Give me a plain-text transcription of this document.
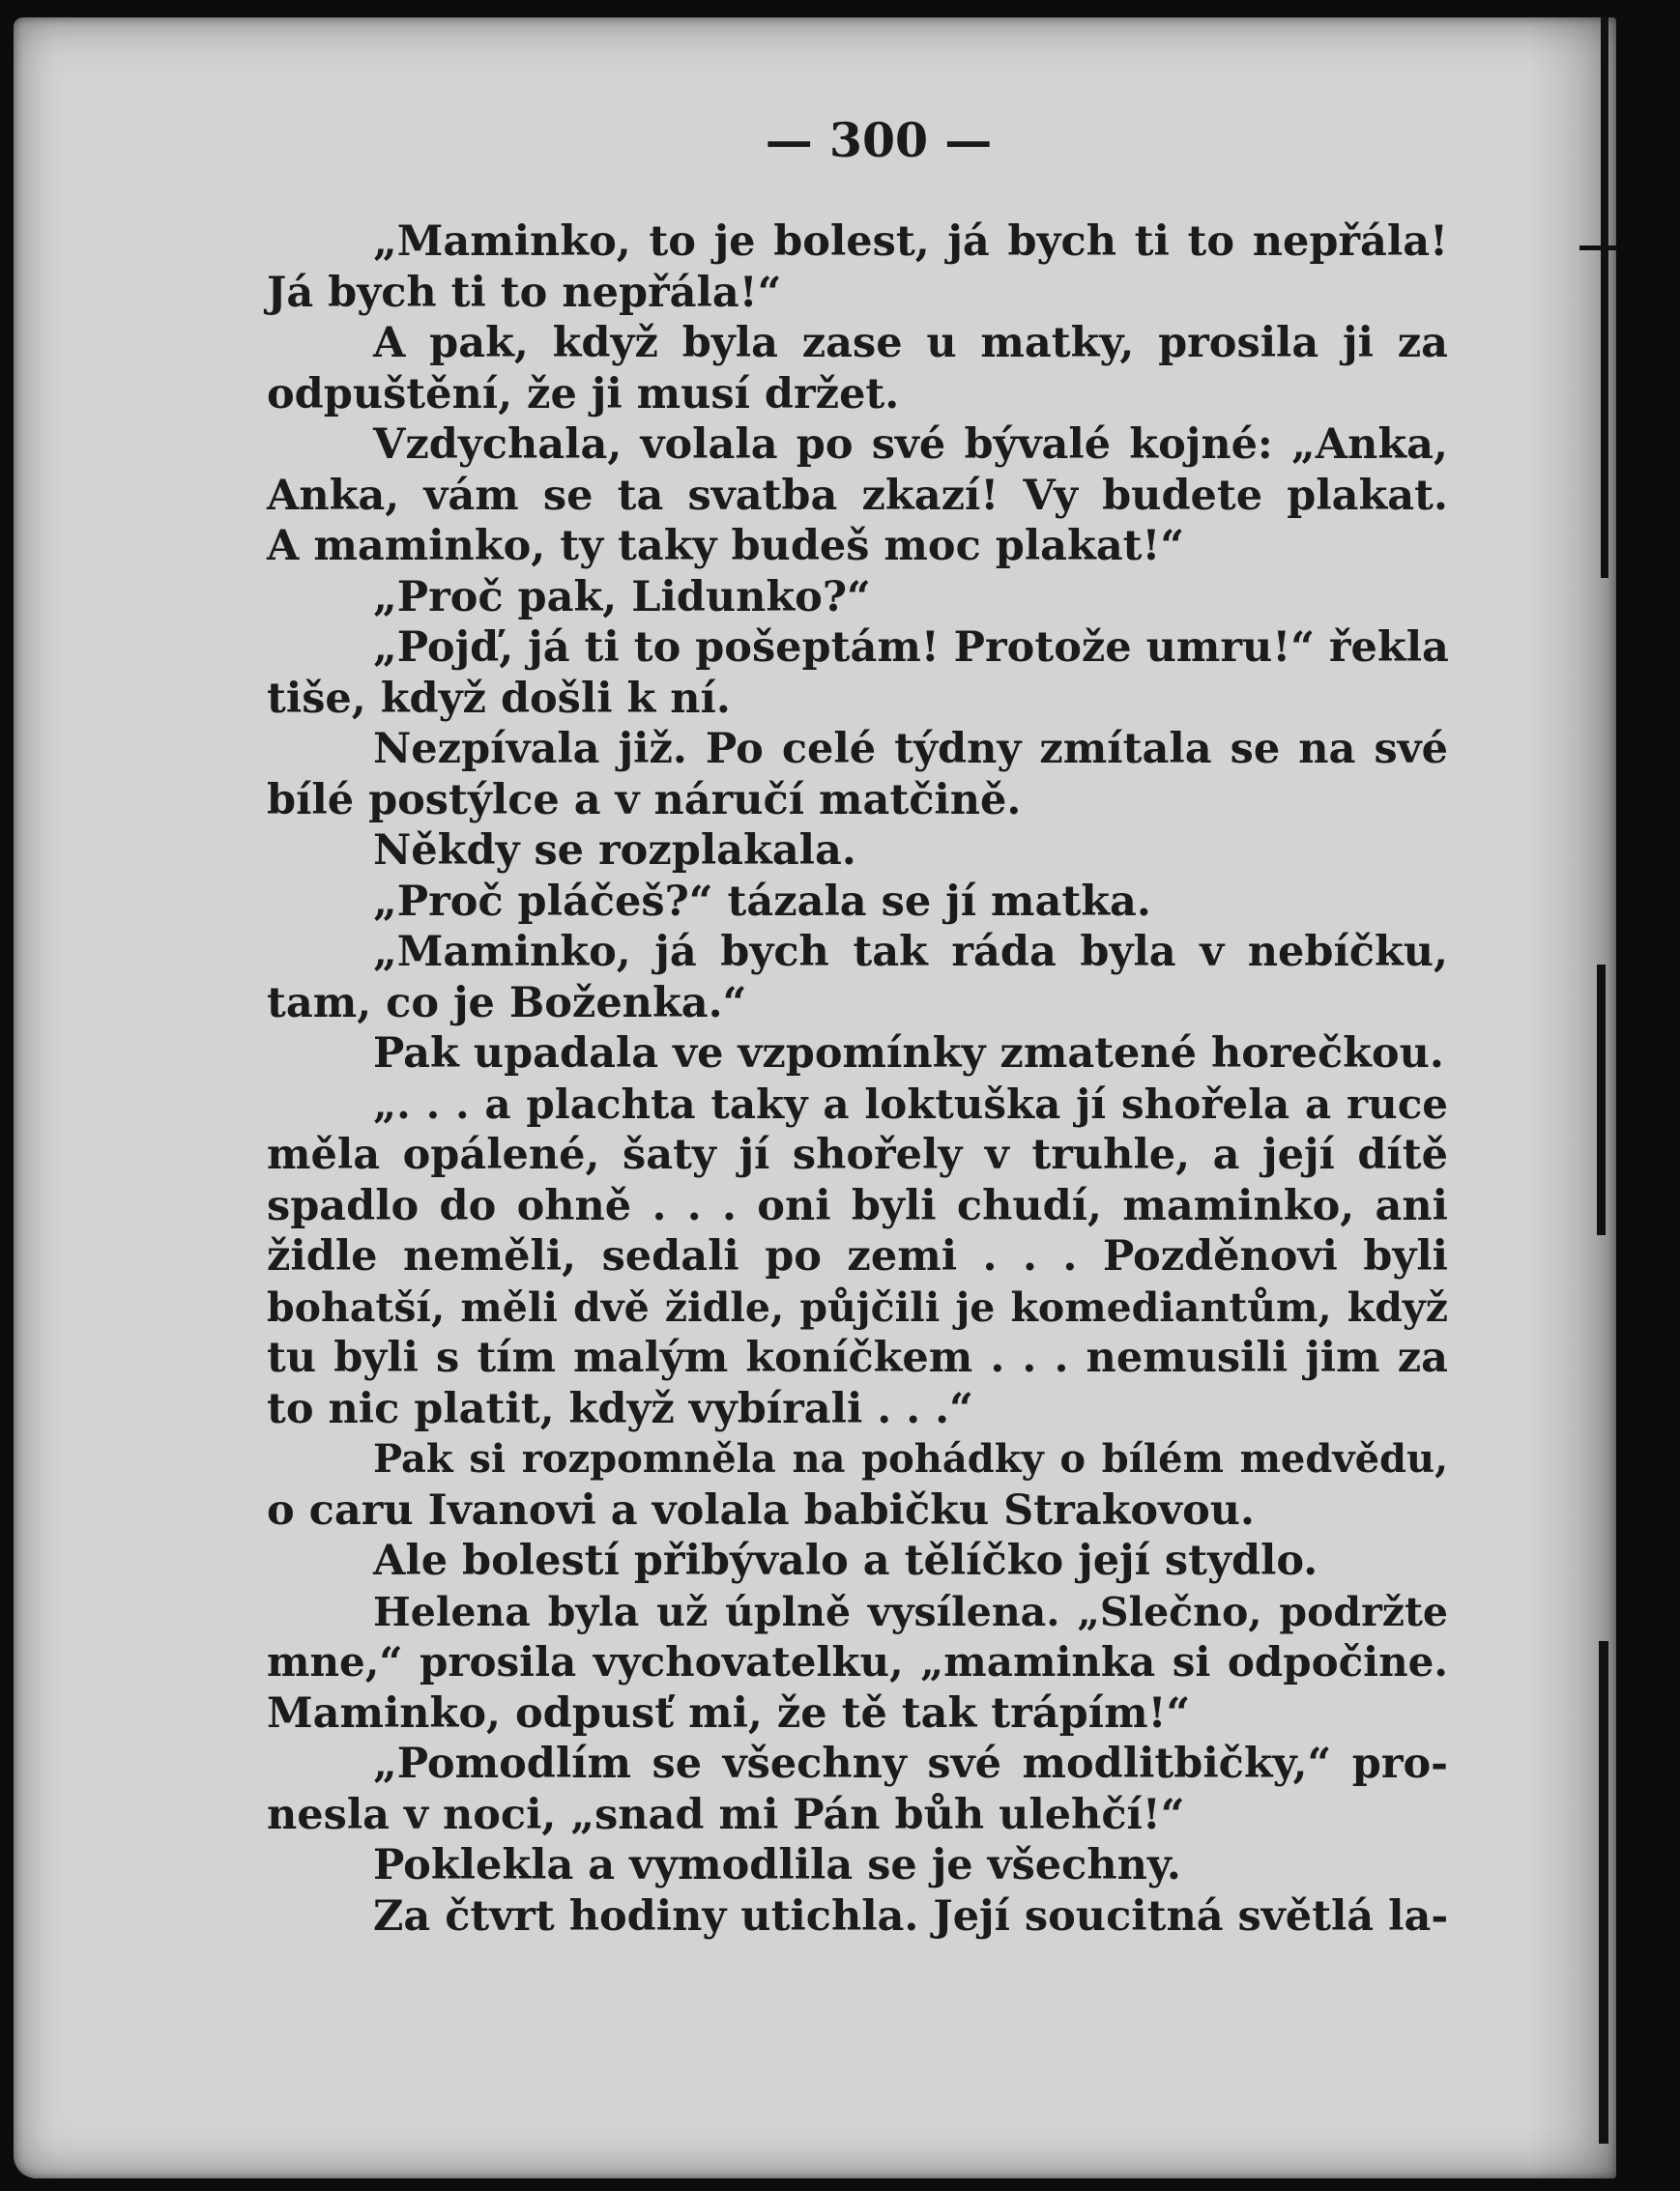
— 300 —
„Maminko, to je bolest, já bych ti to nepřála!
Já bych ti to nepřála!“
A pak, když byla zase u matky, prosila ji za
odpuštění, že ji musí držet.
Vzdychala, volala po své bývalé kojné: „Anka,
Anka, vám se ta svatba zkazí! Vy budete plakat.
A maminko, ty taky budeš moc plakat!“
„Proč pak, Lidunko?“
„Pojď, já ti to pošeptám! Protože umru!“ řekla
tiše, když došli k ní.
Nezpívala již. Po celé týdny zmítala se na své
bílé postýlce a v náručí matčině.
Někdy se rozplakala.
„Proč pláčeš?“ tázala se jí matka.
„Maminko, já bych tak ráda byla v nebíčku,
tam, co je Boženka.“
Pak upadala ve vzpomínky zmatené horečkou.
„. . . a plachta taky a loktuška jí shořela a ruce
měla opálené, šaty jí shořely v truhle, a její dítě
spadlo do ohně . . . oni byli chudí, maminko, ani
židle neměli, sedali po zemi . . . Pozděnovi byli
bohatší, měli dvě židle, půjčili je komediantům, když
tu byli s tím malým koníčkem . . . nemusili jim za
to nic platit, když vybírali . . .“
Pak si rozpomněla na pohádky o bílém medvědu,
o caru Ivanovi a volala babičku Strakovou.
Ale bolestí přibývalo a tělíčko její stydlo.
Helena byla už úplně vysílena. „Slečno, podržte
mne,“ prosila vychovatelku, „maminka si odpočine.
Maminko, odpusť mi, že tě tak trápím!“
„Pomodlím se všechny své modlitbičky,“ pro-
nesla v noci, „snad mi Pán bůh ulehčí!“
Poklekla a vymodlila se je všechny.
Za čtvrt hodiny utichla. Její soucitná světlá la-
